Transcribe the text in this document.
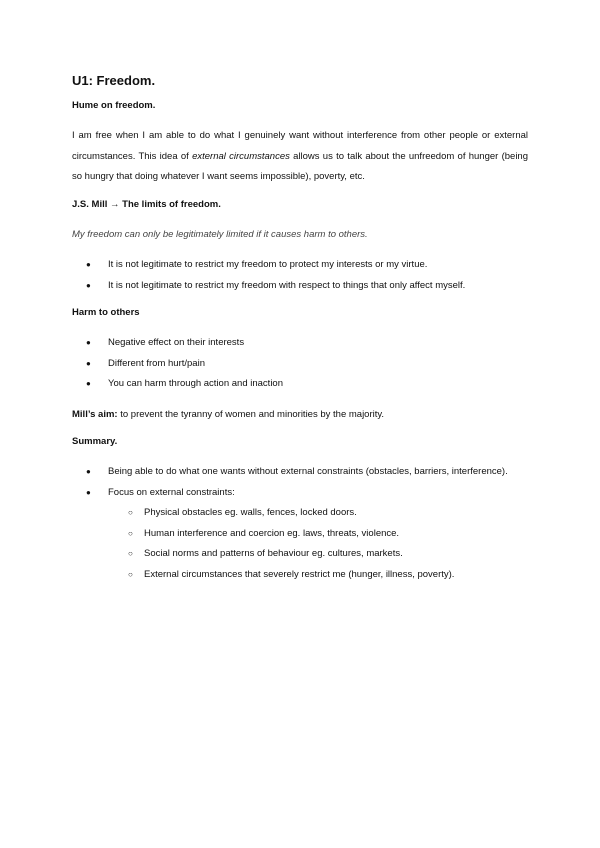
U1: Freedom.
Hume on freedom.

I am free when I am able to do what I genuinely want without interference from other people or external circumstances. This idea of external circumstances allows us to talk about the unfreedom of hunger (being so hungry that doing whatever I want seems impossible), poverty, etc.

J.S. Mill → The limits of freedom.

My freedom can only be legitimately limited if it causes harm to others.

● It is not legitimate to restrict my freedom to protect my interests or my virtue.
● It is not legitimate to restrict my freedom with respect to things that only affect myself.
Harm to others
● Negative effect on their interests
● Different from hurt/pain
● You can harm through action and inaction

Mill’s aim: to prevent the tyranny of women and minorities by the majority.

Summary.
● Being able to do what one wants without external constraints (obstacles, barriers, interference).
● Focus on external constraints:
○ Physical obstacles eg. walls, fences, locked doors.
○ Human interference and coercion eg. laws, threats, violence.
○ Social norms and patterns of behaviour eg. cultures, markets.
○ External circumstances that severely restrict me (hunger, illness, poverty).
